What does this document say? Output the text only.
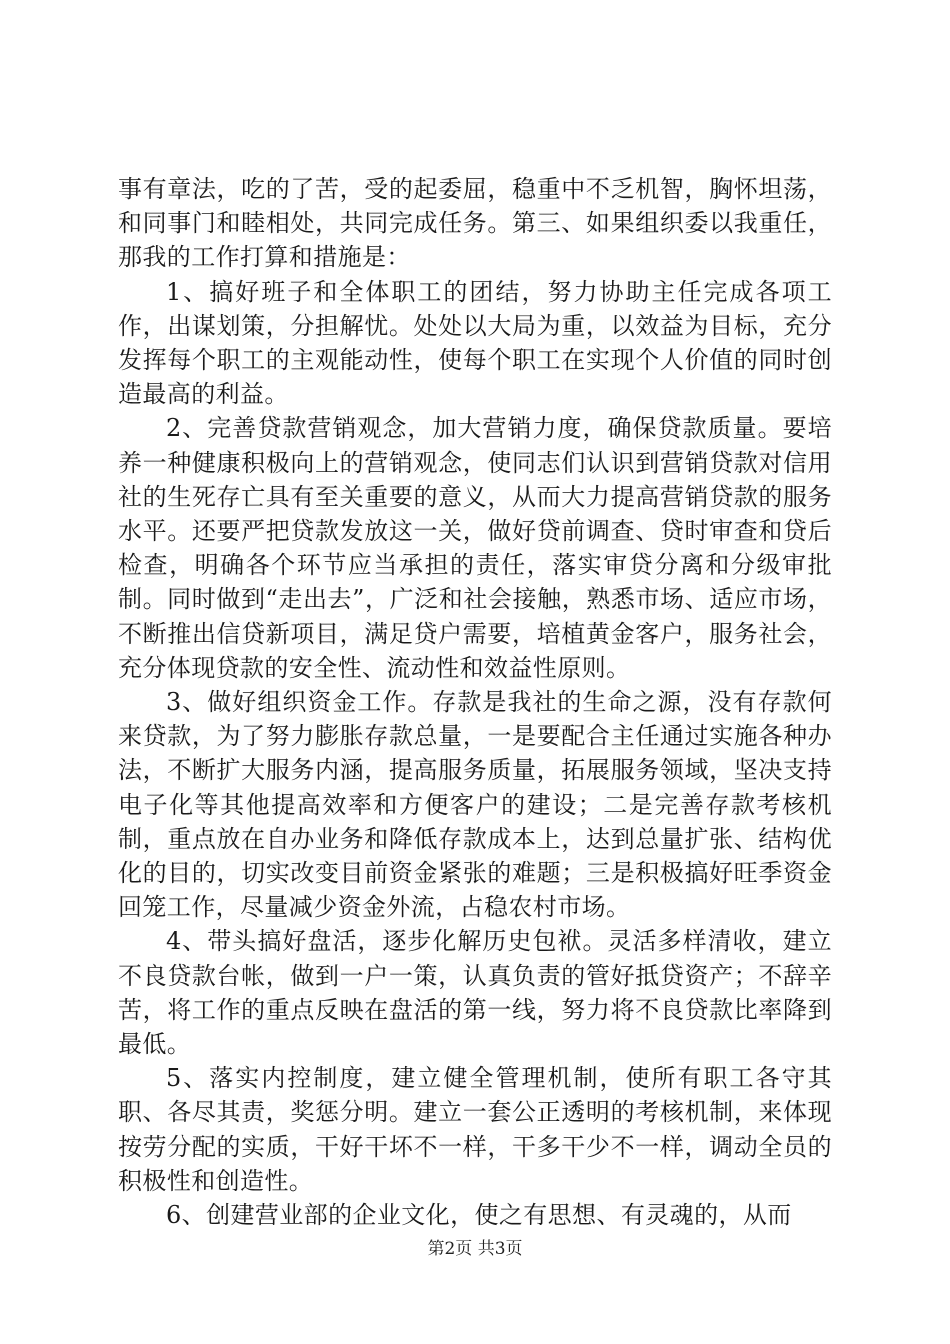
事有章法，吃的了苦，受的起委屈，稳重中不乏机智，胸怀坦荡，和同事门和睦相处，共同完成任务。第三、如果组织委以我重任，那我的工作打算和措施是：

1、搞好班子和全体职工的团结，努力协助主任完成各项工作，出谋划策，分担解忧。处处以大局为重，以效益为目标，充分发挥每个职工的主观能动性，使每个职工在实现个人价值的同时创造最高的利益。

2、完善贷款营销观念，加大营销力度，确保贷款质量。要培养一种健康积极向上的营销观念，使同志们认识到营销贷款对信用社的生死存亡具有至关重要的意义，从而大力提高营销贷款的服务水平。还要严把贷款发放这一关，做好贷前调查、贷时审查和贷后检查，明确各个环节应当承担的责任，落实审贷分离和分级审批制。同时做到“走出去”，广泛和社会接触，熟悉市场、适应市场，不断推出信贷新项目，满足贷户需要，培植黄金客户，服务社会，充分体现贷款的安全性、流动性和效益性原则。

3、做好组织资金工作。存款是我社的生命之源，没有存款何来贷款，为了努力膨胀存款总量，一是要配合主任通过实施各种办法，不断扩大服务内涵，提高服务质量，拓展服务领域，坚决支持电子化等其他提高效率和方便客户的建设；二是完善存款考核机制，重点放在自办业务和降低存款成本上，达到总量扩张、结构优化的目的，切实改变目前资金紧张的难题；三是积极搞好旺季资金回笼工作，尽量减少资金外流，占稳农村市场。

4、带头搞好盘活，逐步化解历史包袱。灵活多样清收，建立不良贷款台帐，做到一户一策，认真负责的管好抵贷资产；不辞辛苦，将工作的重点反映在盘活的第一线，努力将不良贷款比率降到最低。

5、落实内控制度，建立健全管理机制，使所有职工各守其职、各尽其责，奖惩分明。建立一套公正透明的考核机制，来体现按劳分配的实质，干好干坏不一样，干多干少不一样，调动全员的积极性和创造性。

6、创建营业部的企业文化，使之有思想、有灵魂的，从而

第2页 共3页
